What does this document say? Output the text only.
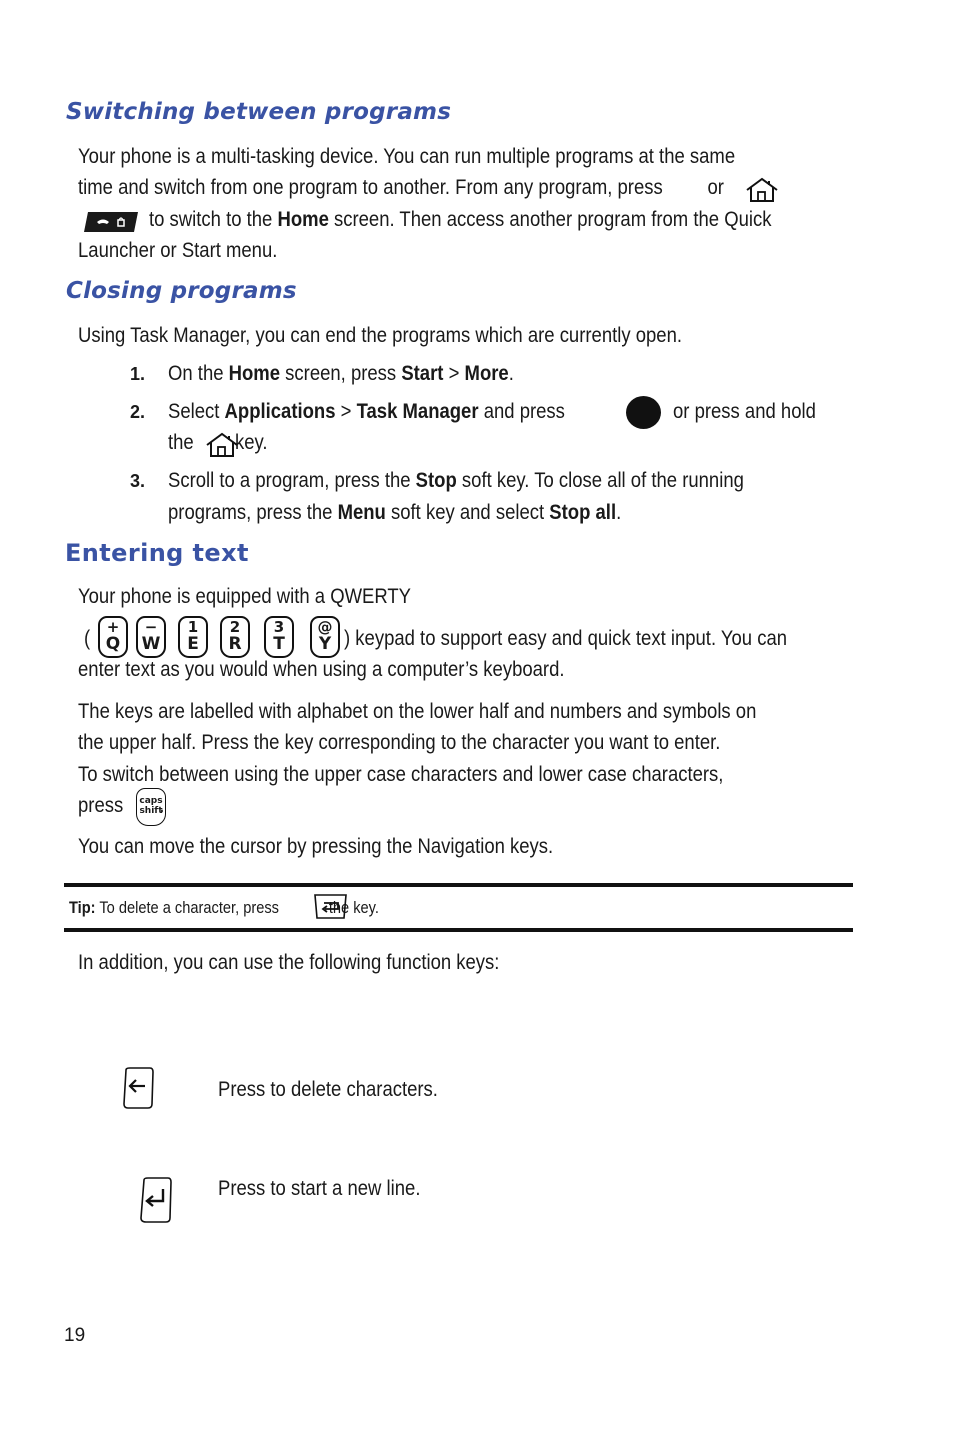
Switching between programs
Your phone is a multi-tasking device. You can run multiple programs at the same
time and switch from one program to another. From any program, press or
to switch to the Home screen. Then access another program from the Quick
Launcher or Start menu.
Closing programs
Using Task Manager, you can end the programs which are currently open.
1. On the Home screen, press Start > More.
2. Select Applications > Task Manager and press	or press and hold
the key.
3. Scroll to a program, press the Stop soft key. To close all of the running
programs, press the Menu soft key and select Stop all.
Entering text
Your phone is equipped with a QWERTY
(	+
Q
−
W
1
E
2
R
3
T
@
Y ) keypad to support easy and quick text input. You can
enter text as you would when using a computer’s keyboard.
The keys are labelled with alphabet on the lower half and numbers and symbols on
the upper half. Press the key corresponding to the character you want to enter.
To switch between using the upper case characters and lower case characters,
press .
caps
shift
You can move the cursor by pressing the Navigation keys.
Tip: To delete a character, press	the key.
In addition, you can use the following function keys:
Press to delete characters.
Press to start a new line.
19
